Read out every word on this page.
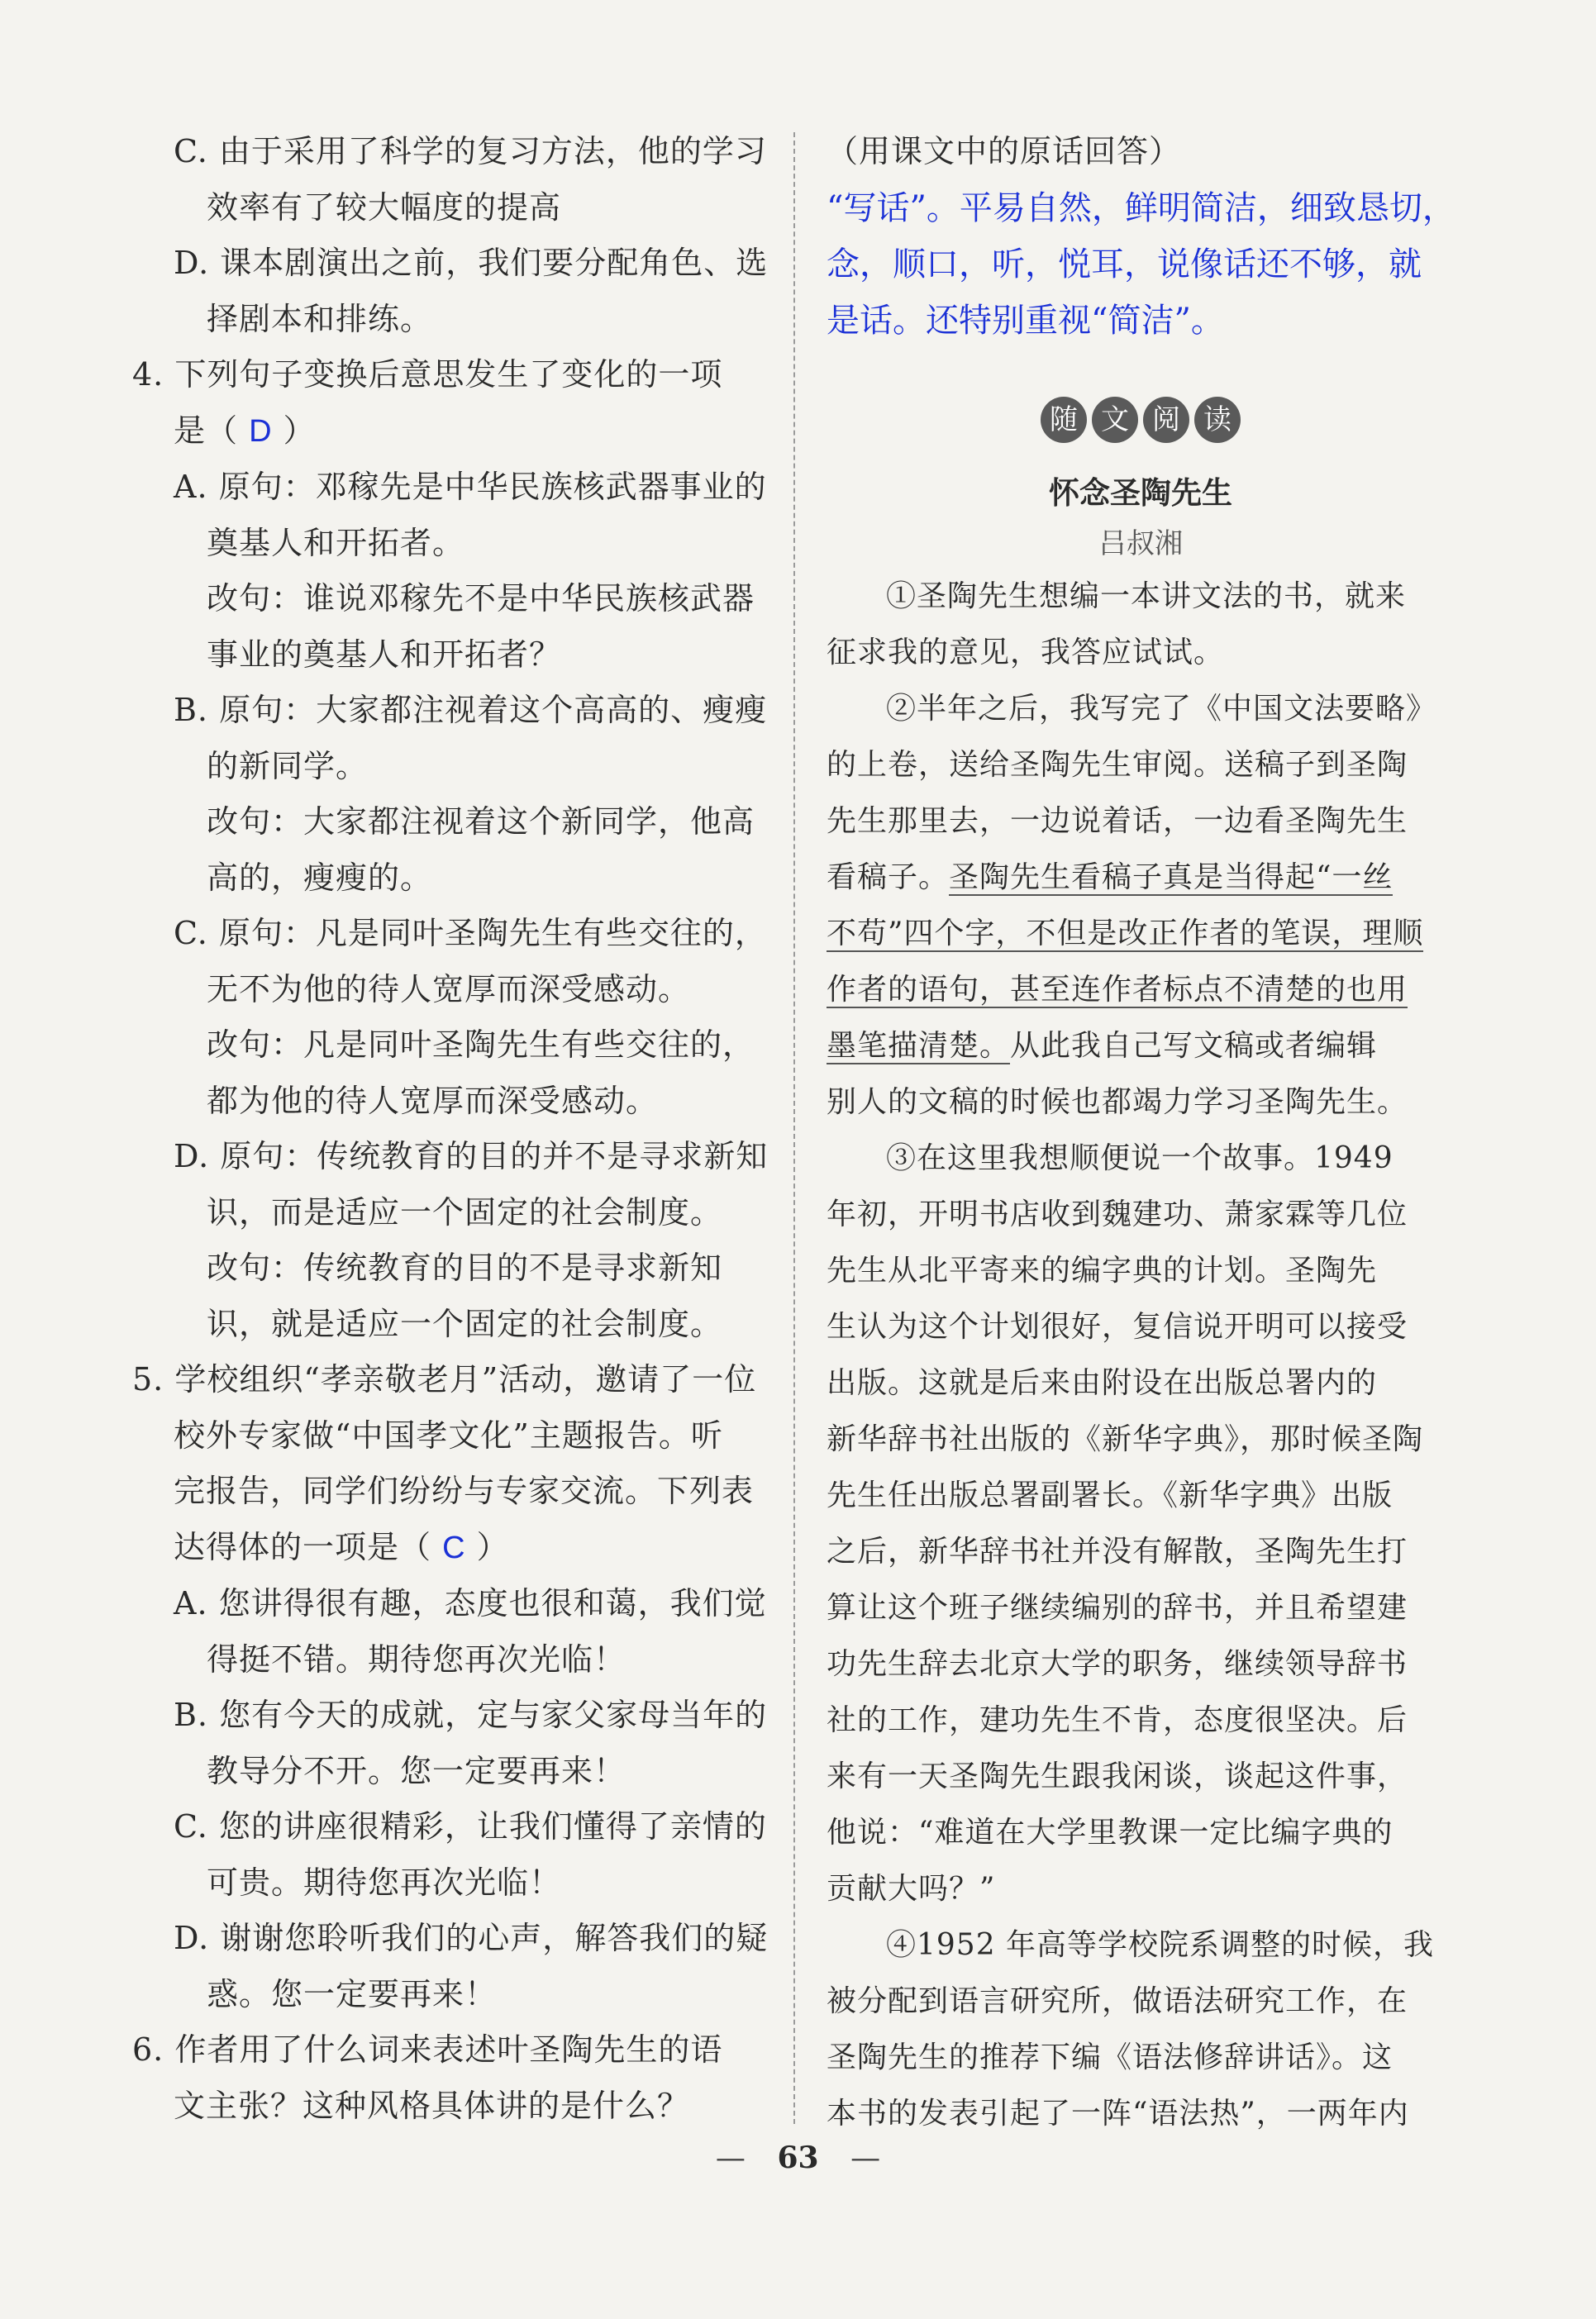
C. 由于采用了科学的复习方法，他的学习
效率有了较大幅度的提高
D. 课本剧演出之前，我们要分配角色、选
择剧本和排练。
4. 下列句子变换后意思发生了变化的一项
是（ D ）
A. 原句：邓稼先是中华民族核武器事业的
奠基人和开拓者。
改句：谁说邓稼先不是中华民族核武器
事业的奠基人和开拓者？
B. 原句：大家都注视着这个高高的、瘦瘦
的新同学。
改句：大家都注视着这个新同学，他高
高的，瘦瘦的。
C. 原句：凡是同叶圣陶先生有些交往的，
无不为他的待人宽厚而深受感动。
改句：凡是同叶圣陶先生有些交往的，
都为他的待人宽厚而深受感动。
D. 原句：传统教育的目的并不是寻求新知
识，而是适应一个固定的社会制度。
改句：传统教育的目的不是寻求新知
识，就是适应一个固定的社会制度。
5. 学校组织“孝亲敬老月”活动，邀请了一位
校外专家做“中国孝文化”主题报告。听
完报告，同学们纷纷与专家交流。下列表
达得体的一项是（ C ）
A. 您讲得很有趣，态度也很和蔼，我们觉
得挺不错。期待您再次光临！
B. 您有今天的成就，定与家父家母当年的
教导分不开。您一定要再来！
C. 您的讲座很精彩，让我们懂得了亲情的
可贵。期待您再次光临！
D. 谢谢您聆听我们的心声，解答我们的疑
惑。您一定要再来！
6. 作者用了什么词来表述叶圣陶先生的语
文主张？这种风格具体讲的是什么？
（用课文中的原话回答）
“写话”。平易自然，鲜明简洁，细致恳切，
念，顺口，听，悦耳，说像话还不够，就
是话。还特别重视“简洁”。
随 文 阅 读
怀念圣陶先生
吕叔湘
①圣陶先生想编一本讲文法的书，就来
征求我的意见，我答应试试。
②半年之后，我写完了《中国文法要略》
的上卷，送给圣陶先生审阅。送稿子到圣陶
先生那里去，一边说着话，一边看圣陶先生
看稿子。圣陶先生看稿子真是当得起“一丝
不苟”四个字，不但是改正作者的笔误，理顺
作者的语句，甚至连作者标点不清楚的也用
墨笔描清楚。从此我自己写文稿或者编辑
别人的文稿的时候也都竭力学习圣陶先生。
③在这里我想顺便说一个故事。1949
年初，开明书店收到魏建功、萧家霖等几位
先生从北平寄来的编字典的计划。圣陶先
生认为这个计划很好，复信说开明可以接受
出版。这就是后来由附设在出版总署内的
新华辞书社出版的《新华字典》，那时候圣陶
先生任出版总署副署长。《新华字典》出版
之后，新华辞书社并没有解散，圣陶先生打
算让这个班子继续编别的辞书，并且希望建
功先生辞去北京大学的职务，继续领导辞书
社的工作，建功先生不肯，态度很坚决。后
来有一天圣陶先生跟我闲谈，谈起这件事，
他说：“难道在大学里教课一定比编字典的
贡献大吗？”
④1952 年高等学校院系调整的时候，我
被分配到语言研究所，做语法研究工作，在
圣陶先生的推荐下编《语法修辞讲话》。这
本书的发表引起了一阵“语法热”，一两年内
— 63 —
